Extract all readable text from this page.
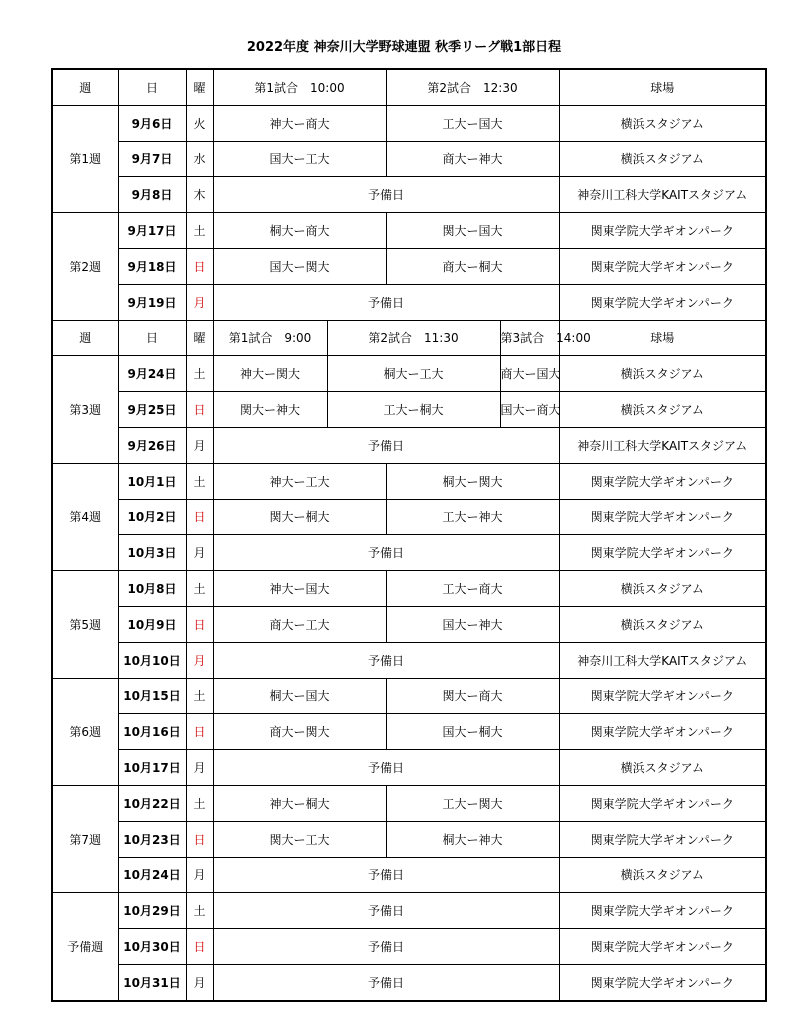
2022年度 神奈川大学野球連盟 秋季リーグ戦1部日程
週	日	曜	第1試合　10:00		第2試合　12:30		球場
第1週	9月6日	火	神大ー商大		工大ー国大		横浜スタジアム
	9月7日	水	国大ー工大		商大ー神大		横浜スタジアム
	9月8日	木	予備日				神奈川工科大学KAITスタジアム
第2週	9月17日	土	桐大ー商大		関大ー国大		関東学院大学ギオンパーク
	9月18日	日	国大ー関大		商大ー桐大		関東学院大学ギオンパーク
	9月19日	月	予備日				関東学院大学ギオンパーク
週	日	曜	第1試合　9:00	第2試合　11:30		第3試合　14:00	球場
第3週	9月24日	土	神大ー関大	桐大ー工大		商大ー国大	横浜スタジアム
	9月25日	日	関大ー神大	工大ー桐大		国大ー商大	横浜スタジアム
	9月26日	月	予備日				神奈川工科大学KAITスタジアム
第4週	10月1日	土	神大ー工大		桐大ー関大		関東学院大学ギオンパーク
	10月2日	日	関大ー桐大		工大ー神大		関東学院大学ギオンパーク
	10月3日	月	予備日				関東学院大学ギオンパーク
第5週	10月8日	土	神大ー国大		工大ー商大		横浜スタジアム
	10月9日	日	商大ー工大		国大ー神大		横浜スタジアム
	10月10日	月	予備日				神奈川工科大学KAITスタジアム
第6週	10月15日	土	桐大ー国大		関大ー商大		関東学院大学ギオンパーク
	10月16日	日	商大ー関大		国大ー桐大		関東学院大学ギオンパーク
	10月17日	月	予備日				横浜スタジアム
第7週	10月22日	土	神大ー桐大		工大ー関大		関東学院大学ギオンパーク
	10月23日	日	関大ー工大		桐大ー神大		関東学院大学ギオンパーク
	10月24日	月	予備日				横浜スタジアム
予備週	10月29日	土	予備日				関東学院大学ギオンパーク
	10月30日	日	予備日				関東学院大学ギオンパーク
	10月31日	月	予備日				関東学院大学ギオンパーク
